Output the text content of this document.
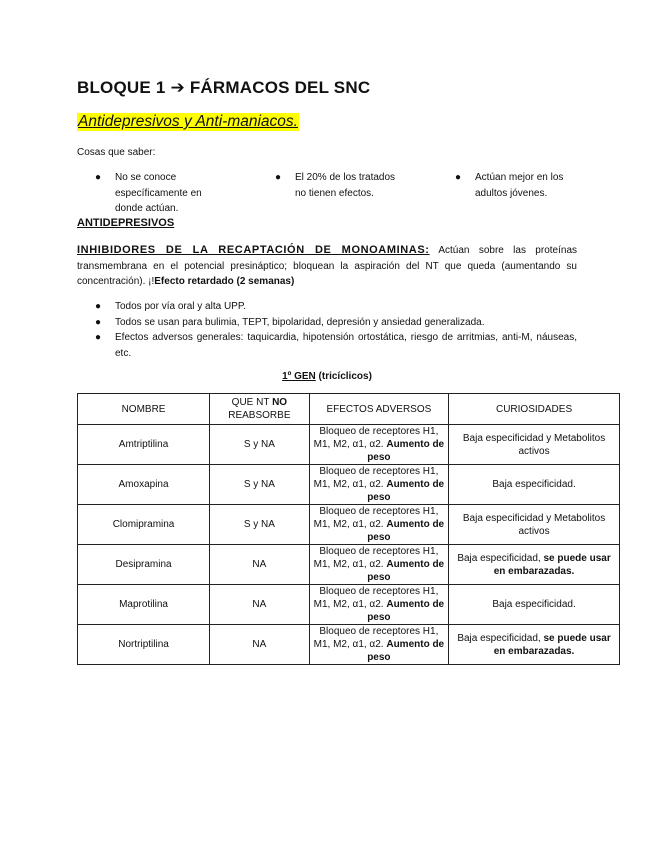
BLOQUE 1 ➔ FÁRMACOS DEL SNC
Antidepresivos y Anti-maniacos.
Cosas que saber:
● No se conoce específicamente en donde actúan.
● El 20% de los tratados no tienen efectos.
● Actúan mejor en los adultos jóvenes.
ANTIDEPRESIVOS
INHIBIDORES DE LA RECAPTACIÓN DE MONOAMINAS: Actúan sobre las proteínas transmembrana en el potencial presináptico; bloquean la aspiración del NT que queda (aumentando su concentración). ¡!Efecto retardado (2 semanas)
● Todos por vía oral y alta UPP.
● Todos se usan para bulimia, TEPT, bipolaridad, depresión y ansiedad generalizada.
● Efectos adversos generales: taquicardia, hipotensión ortostática, riesgo de arritmias, anti-M, náuseas, etc.
1º GEN (tricíclicos)
NOMBRE	QUE NT NO REABSORBE	EFECTOS ADVERSOS	CURIOSIDADES
Amtriptilina	S y NA	Bloqueo de receptores H1, M1, M2, α1, α2. Aumento de peso	Baja especificidad y Metabolitos activos
Amoxapina	S y NA	Bloqueo de receptores H1, M1, M2, α1, α2. Aumento de peso	Baja especificidad.
Clomipramina	S y NA	Bloqueo de receptores H1, M1, M2, α1, α2. Aumento de peso	Baja especificidad y Metabolitos activos
Desipramina	NA	Bloqueo de receptores H1, M1, M2, α1, α2. Aumento de peso	Baja especificidad, se puede usar en embarazadas.
Maprotilina	NA	Bloqueo de receptores H1, M1, M2, α1, α2. Aumento de peso	Baja especificidad.
Nortriptilina	NA	Bloqueo de receptores H1, M1, M2, α1, α2. Aumento de peso	Baja especificidad, se puede usar en embarazadas.
